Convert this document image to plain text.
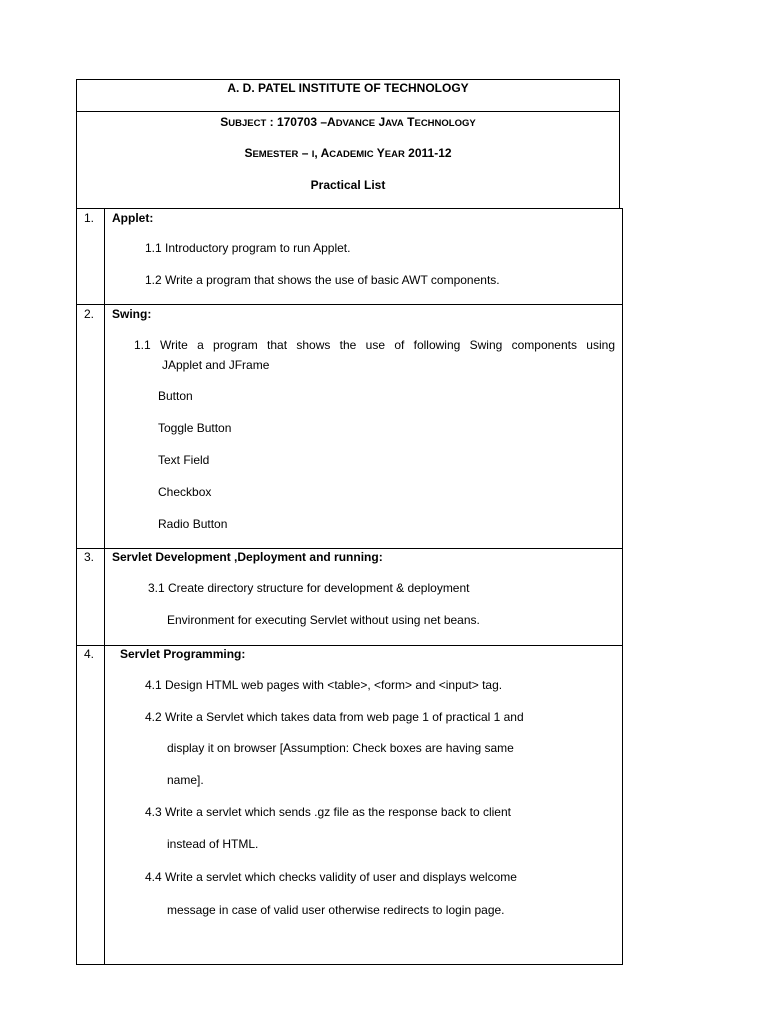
A. D. PATEL INSTITUTE OF TECHNOLOGY
SUBJECT : 170703 –ADVANCE JAVA TECHNOLOGY
SEMESTER – I, ACADEMIC YEAR 2011-12
Practical List
1. Applet:
1.1 Introductory program to run Applet.
1.2 Write a program that shows the use of basic AWT components.
2. Swing:
1.1 Write a program that shows the use of following Swing components using
JApplet and JFrame
Button
Toggle Button
Text Field
Checkbox
Radio Button
3. Servlet Development ,Deployment and running:
3.1 Create directory structure for development & deployment
Environment for executing Servlet without using net beans.
4. Servlet Programming:
4.1 Design HTML web pages with <table>, <form> and <input> tag.
4.2 Write a Servlet which takes data from web page 1 of practical 1 and
display it on browser [Assumption: Check boxes are having same
name].
4.3 Write a servlet which sends .gz file as the response back to client
instead of HTML.
4.4 Write a servlet which checks validity of user and displays welcome
message in case of valid user otherwise redirects to login page.
